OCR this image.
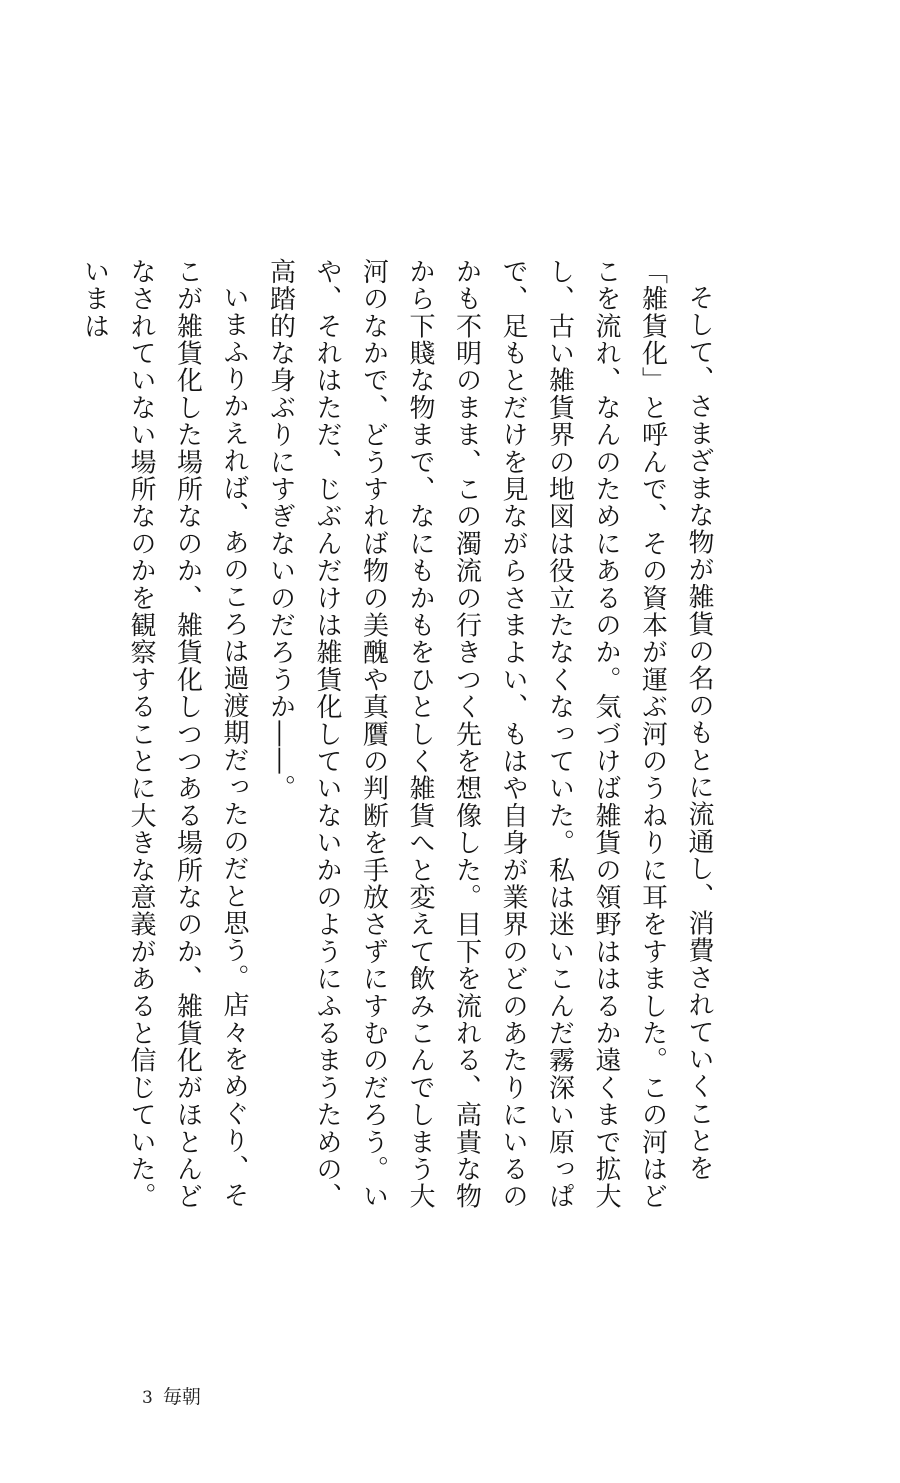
そして、さまざまな物が雑貨の名のもとに流通し、消費されていくことを「雑貨化」と呼んで、その資本が運ぶ河のうねりに耳をすました。この河はどこを流れ、なんのためにあるのか。気づけば雑貨の領野ははるか遠くまで拡大し、古い雑貨界の地図は役立たなくなっていた。私は迷いこんだ霧深い原っぱで、足もとだけを見ながらさまよい、もはや自身が業界のどのあたりにいるのかも不明のまま、この濁流の行きつく先を想像した。目下を流れる、高貴な物から下賤な物まで、なにもかもをひとしく雑貨へと変えて飲みこんでしまう大河のなかで、どうすれば物の美醜や真贋の判断を手放さずにすむのだろう。いや、それはただ、じぶんだけは雑貨化していないかのようにふるまうための、高踏的な身ぶりにすぎないのだろうか――。

いまふりかえれば、あのころは過渡期だったのだと思う。店々をめぐり、そこが雑貨化した場所なのか、雑貨化しつつある場所なのか、雑貨化がほとんどなされていない場所なのかを観察することに大きな意義があると信じていた。いまは

3 毎朝
